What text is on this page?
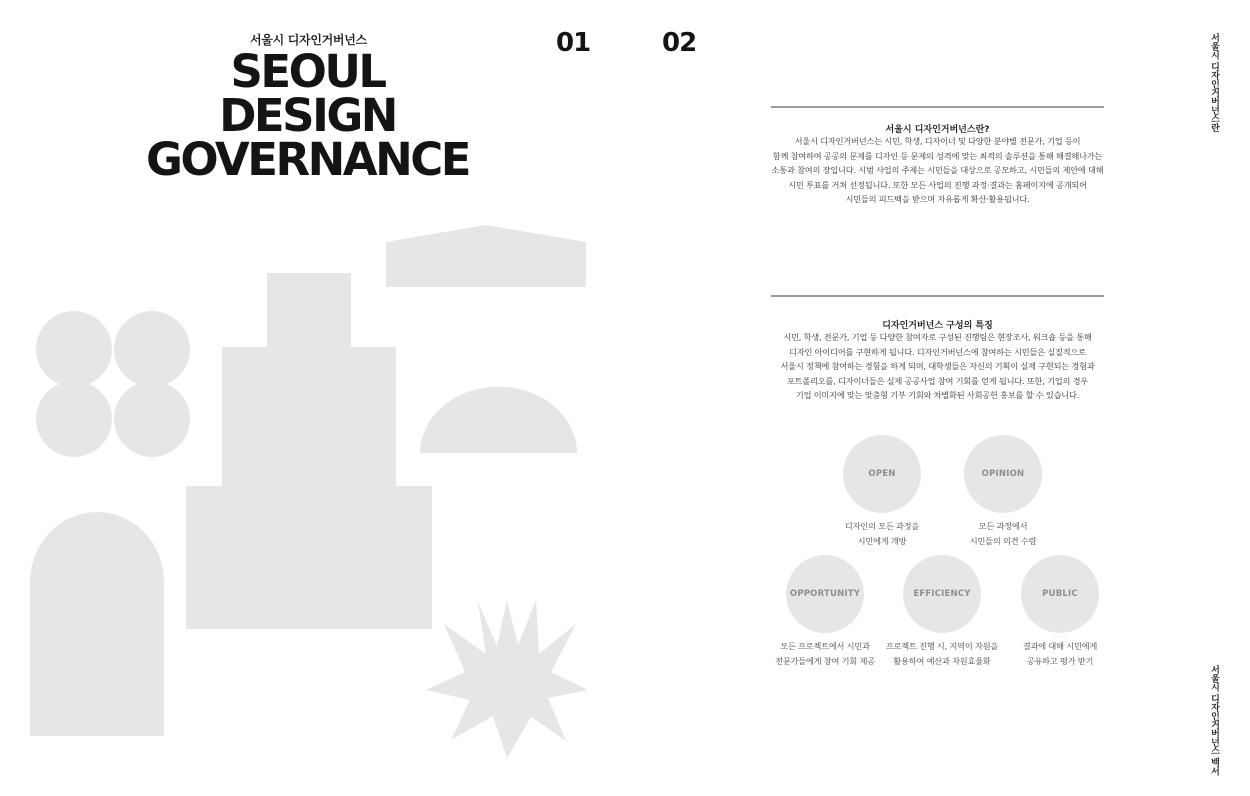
서울시 디자인거버넌스
SEOUL
DESIGN
GOVERNANCE
01	02
서울시 디자인거버넌스란?
서울시 디자인거버넌스는 시민, 학생, 디자이너 및 다양한 분야별 전문가, 기업 등이
함께 참여하여 공공의 문제를 디자인 등 문제의 성격에 맞는 최적의 솔루션을 통해 해결해나가는
소통과 참여의 장입니다. 시범 사업의 주제는 시민들을 대상으로 공모하고, 시민들의 제안에 대해
시민 투표를 거쳐 선정됩니다. 또한 모든 사업의 진행 과정·결과는 홈페이지에 공개되어
시민들의 피드백을 받으며 자유롭게 확산·활용됩니다.
디자인거버넌스 구성의 특징
시민, 학생, 전문가, 기업 등 다양한 참여자로 구성된 진행팀은 현장조사, 워크숍 등을 통해
디자인 아이디어를 구현하게 됩니다. 디자인거버넌스에 참여하는 시민들은 실질적으로
서울시 정책에 참여하는 경험을 하게 되며, 대학생들은 자신의 기획이 실제 구현되는 경험과
포트폴리오를, 디자이너들은 실제 공공사업 참여 기회를 얻게 됩니다. 또한, 기업의 경우
기업 이미지에 맞는 맞춤형 기부 기회와 차별화된 사회공헌 홍보를 할 수 있습니다.
OPEN
디자인의 모든 과정을
시민에게 개방
OPINION
모든 과정에서
시민들의 의견 수렴
OPPORTUNITY
모든 프로젝트에서 시민과
전문가들에게 참여 기회 제공
EFFICIENCY
프로젝트 진행 시, 지역이 자원을
활용하여 예산과 자원효율화
PUBLIC
결과에 대해 시민에게
공유하고 평가 받기
서울시 디자인거버넌스란
서울시 디자인거버넌스 백서
